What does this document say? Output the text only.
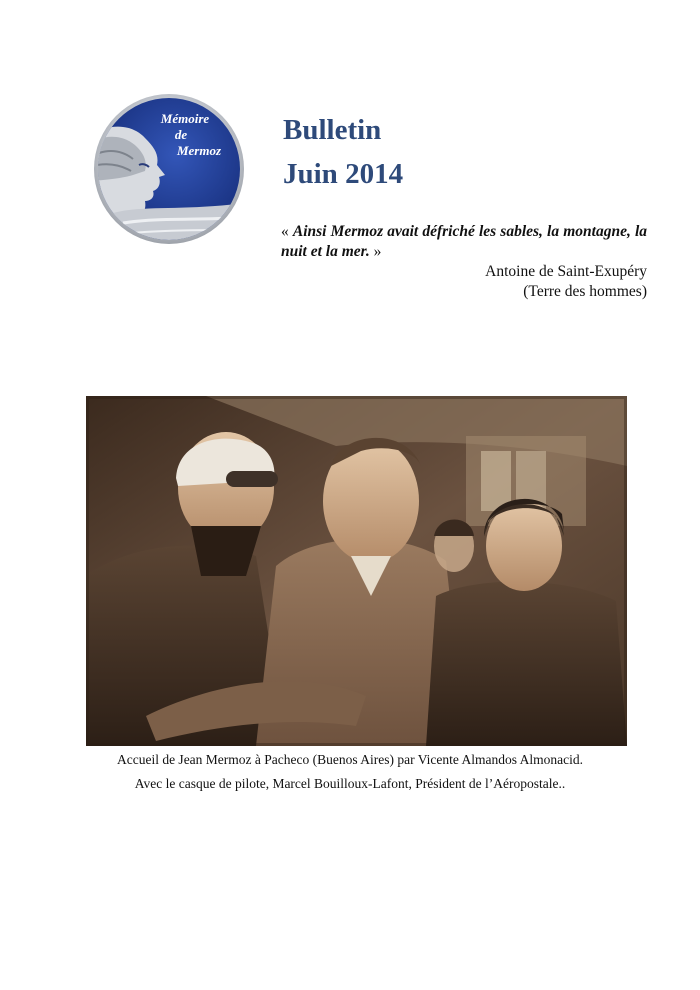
Mémoire
de
Mermoz
Bulletin
Juin 2014
« Ainsi Mermoz avait défriché les sables, la montagne, la nuit et la mer. »
Antoine de Saint-Exupéry
(Terre des hommes)
Accueil de Jean Mermoz à Pacheco (Buenos Aires) par Vicente Almandos Almonacid.
Avec le casque de pilote, Marcel Bouilloux-Lafont, Président de l’Aéropostale..
